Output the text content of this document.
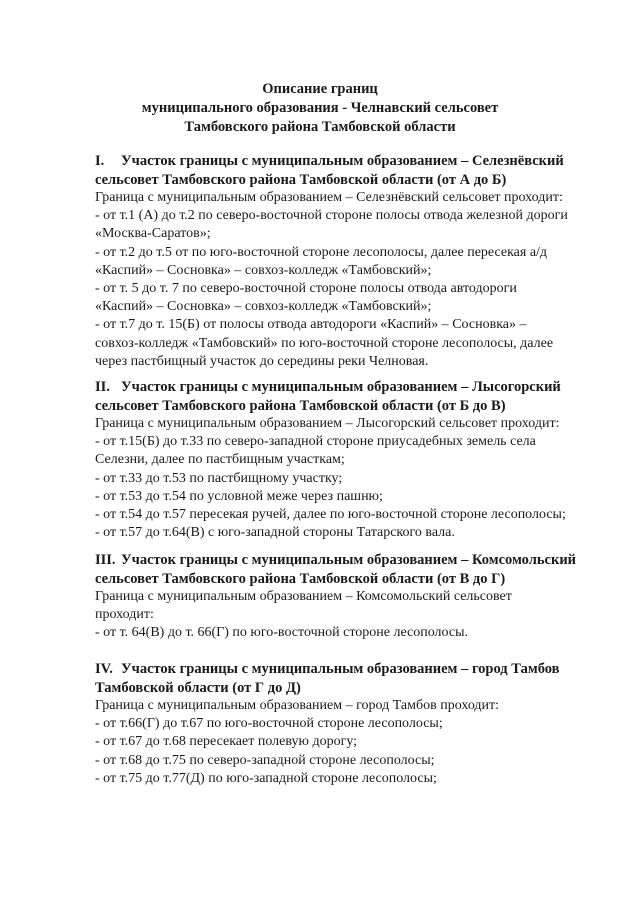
Описание границ
муниципального образования - Челнавский сельсовет
Тамбовского района Тамбовской области
I. Участок границы с муниципальным образованием – Селезнёвский
сельсовет Тамбовского района Тамбовской области (от А до Б)
Граница с муниципальным образованием – Селезнёвский сельсовет проходит:
- от т.1 (А) до т.2 по северо-восточной стороне полосы отвода железной дороги
«Москва-Саратов»;
- от т.2 до т.5 от по юго-восточной стороне лесополосы, далее пересекая а/д
«Каспий» – Сосновка» – совхоз-колледж «Тамбовский»;
- от т. 5 до т. 7 по северо-восточной стороне полосы отвода автодороги
«Каспий» – Сосновка» – совхоз-колледж «Тамбовский»;
- от т.7 до т. 15(Б) от полосы отвода автодороги «Каспий» – Сосновка» –
совхоз-колледж «Тамбовский» по юго-восточной стороне лесополосы, далее
через пастбищный участок до середины реки Челновая.
II. Участок границы с муниципальным образованием – Лысогорский
сельсовет Тамбовского района Тамбовской области (от Б до В)
Граница с муниципальным образованием – Лысогорский сельсовет проходит:
- от т.15(Б) до т.33 по северо-западной стороне приусадебных земель села
Селезни, далее по пастбищным участкам;
- от т.33 до т.53 по пастбищному участку;
- от т.53 до т.54 по условной меже через пашню;
- от т.54 до т.57 пересекая ручей, далее по юго-восточной стороне лесополосы;
- от т.57 до т.64(В) с юго-западной стороны Татарского вала.
III. Участок границы с муниципальным образованием – Комсомольский
сельсовет Тамбовского района Тамбовской области (от В до Г)
Граница с муниципальным образованием – Комсомольский сельсовет
проходит:
- от т. 64(В) до т. 66(Г) по юго-восточной стороне лесополосы.
IV. Участок границы с муниципальным образованием – город Тамбов
Тамбовской области (от Г до Д)
Граница с муниципальным образованием – город Тамбов проходит:
- от т.66(Г) до т.67 по юго-восточной стороне лесополосы;
- от т.67 до т.68 пересекает полевую дорогу;
- от т.68 до т.75 по северо-западной стороне лесополосы;
- от т.75 до т.77(Д) по юго-западной стороне лесополосы;
